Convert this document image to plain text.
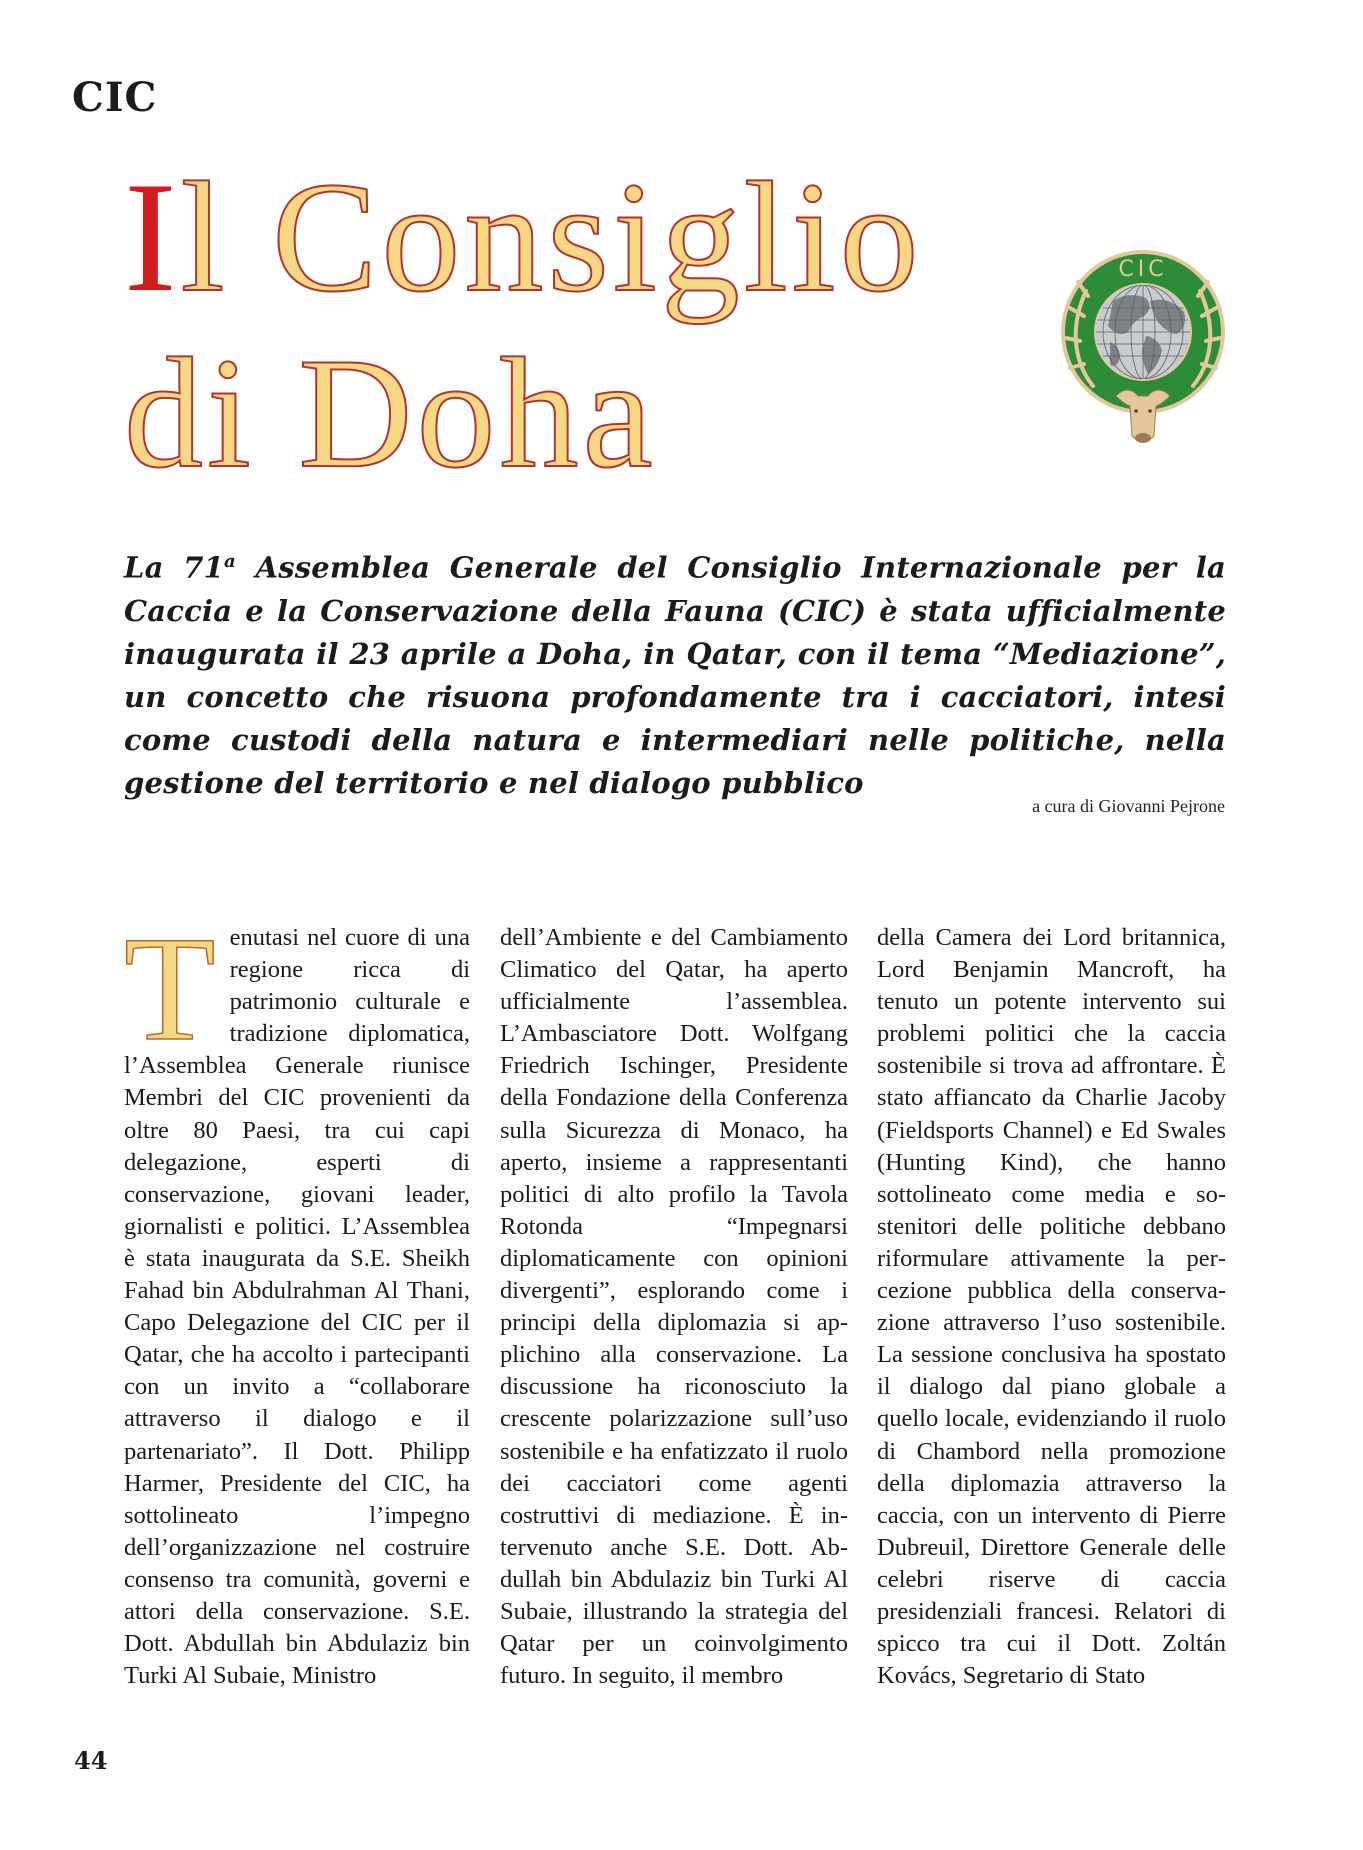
CIC
Il Consiglio
di Doha
CIC

La 71$^a$ Assemblea Generale del Consiglio Internazionale per la Caccia e la Conservazione della Fauna (CIC) è stata ufficialmente inaugurata il 23 aprile a Doha, in Qatar, con il tema “Mediazione”, un concetto che risuona profondamente tra i cacciatori, intesi come custodi della natura e intermediari nelle politiche, nella gestione del territorio e nel dialogo pubblico

a cura di Giovanni Pejrone
T enutasi nel cuore di una regione ricca di patrimonio culturale e tradizione diplomatica, l’Assemblea Generale riunisce Membri del CIC provenienti da oltre 80 Paesi, tra cui capi delegazione, esperti di conservazione, giovani leader, giornalisti e politici. L’Assemblea è stata inaugurata da S.E. Sheikh Fahad bin Abdulrahman Al Thani, Capo Delegazione del CIC per il Qatar, che ha accolto i partecipanti con un invito a “collaborare attraverso il dialogo e il partenariato”. Il Dott. Philipp Harmer, Presidente del CIC, ha sottolineato l’impegno dell’organizzazione nel costruire consenso tra comunità, governi e attori della conservazione. S.E. Dott. Abdullah bin Abdulaziz bin Turki Al Subaie, Ministro

dell’Ambiente e del Cambiamento Climatico del Qatar, ha aperto ufficialmente l’assemblea. L’Ambasciatore Dott. Wolfgang Friedrich Ischinger, Presidente della Fondazione della Conferenza sulla Sicurezza di Monaco, ha aperto, insieme a rappresentanti politici di alto profilo la Tavola Rotonda “Impegnarsi diplomaticamente con opinioni divergenti”, esplorando come i principi della diplomazia si applichino alla conservazione. La discussione ha riconosciuto la crescente polarizzazione sull’uso sostenibile e ha enfatizzato il ruolo dei cacciatori come agenti costruttivi di mediazione. È intervenuto anche S.E. Dott. Abdullah bin Abdulaziz bin Turki Al Subaie, illustrando la strategia del Qatar per un coinvolgimento futuro. In seguito, il membro

della Camera dei Lord britannica, Lord Benjamin Mancroft, ha tenuto un potente intervento sui problemi politici che la caccia sostenibile si trova ad affrontare. È stato affiancato da Charlie Jacoby (Fieldsports Channel) e Ed Swales (Hunting Kind), che hanno sottolineato come media e sostenitori delle politiche debbano riformulare attivamente la percezione pubblica della conservazione attraverso l’uso sostenibile. La sessione conclusiva ha spostato il dialogo dal piano globale a quello locale, evidenziando il ruolo di Chambord nella promozione della diplomazia attraverso la caccia, con un intervento di Pierre Dubreuil, Direttore Generale delle celebri riserve di caccia presidenziali francesi. Relatori di spicco tra cui il Dott. Zoltán Kovács, Segretario di Stato

44
